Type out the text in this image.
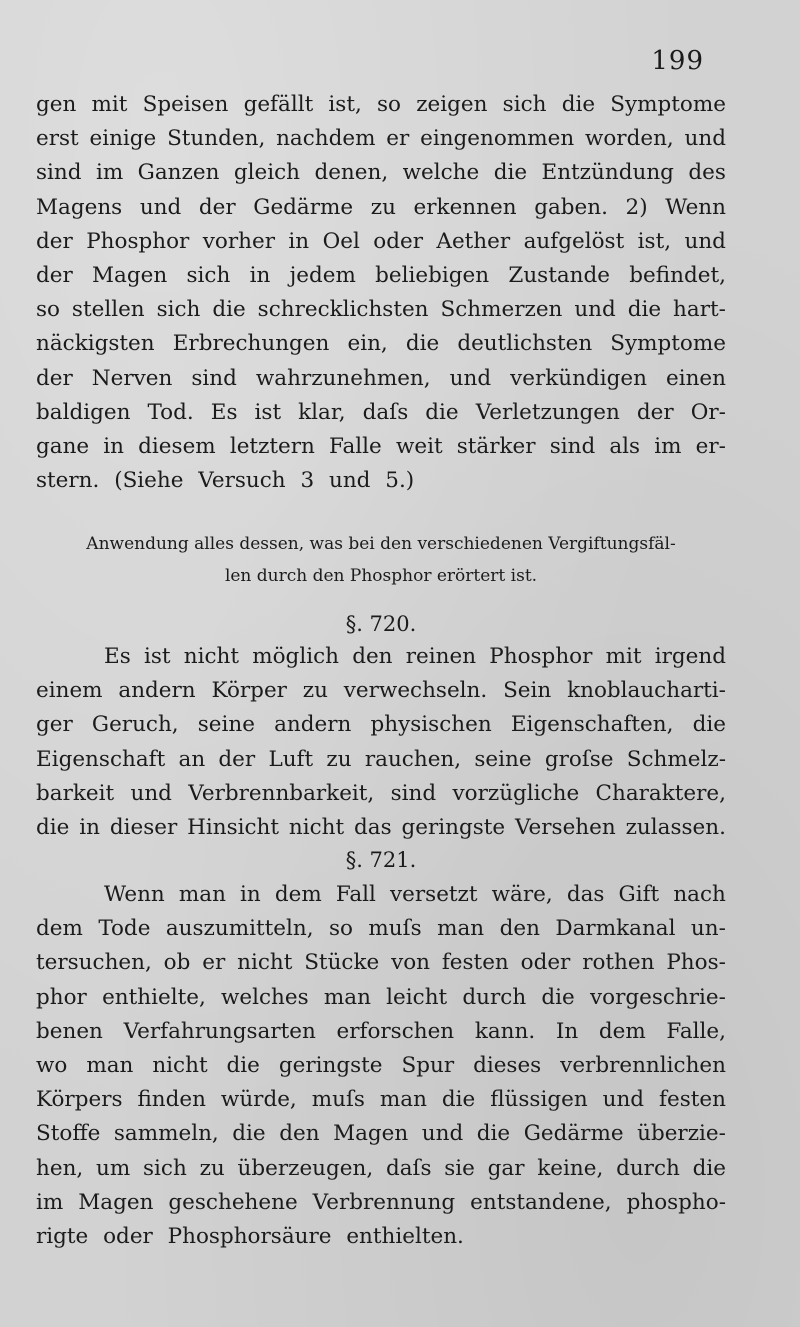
199
gen mit Speisen gefällt ist, so zeigen sich die Symptome
erst einige Stunden, nachdem er eingenommen worden, und
sind im Ganzen gleich denen, welche die Entzündung des
Magens und der Gedärme zu erkennen gaben. 2) Wenn
der Phosphor vorher in Oel oder Aether aufgelöst ist, und
der Magen sich in jedem beliebigen Zustande befindet,
so stellen sich die schrecklichsten Schmerzen und die hart-
näckigsten Erbrechungen ein, die deutlichsten Symptome
der Nerven sind wahrzunehmen, und verkündigen einen
baldigen Tod. Es ist klar, daſs die Verletzungen der Or-
gane in diesem letztern Falle weit stärker sind als im er-
stern. (Siehe Versuch 3 und 5.)
Anwendung alles dessen, was bei den verschiedenen Vergiftungsfäl-
len durch den Phosphor erörtert ist.
§. 720.
Es ist nicht möglich den reinen Phosphor mit irgend
einem andern Körper zu verwechseln. Sein knoblaucharti-
ger Geruch, seine andern physischen Eigenschaften, die
Eigenschaft an der Luft zu rauchen, seine groſse Schmelz-
barkeit und Verbrennbarkeit, sind vorzügliche Charaktere,
die in dieser Hinsicht nicht das geringste Versehen zulassen.
§. 721.
Wenn man in dem Fall versetzt wäre, das Gift nach
dem Tode auszumitteln, so muſs man den Darmkanal un-
tersuchen, ob er nicht Stücke von festen oder rothen Phos-
phor enthielte, welches man leicht durch die vorgeschrie-
benen Verfahrungsarten erforschen kann. In dem Falle,
wo man nicht die geringste Spur dieses verbrennlichen
Körpers finden würde, muſs man die flüssigen und festen
Stoffe sammeln, die den Magen und die Gedärme überzie-
hen, um sich zu überzeugen, daſs sie gar keine, durch die
im Magen geschehene Verbrennung entstandene, phospho-
rigte oder Phosphorsäure enthielten.
